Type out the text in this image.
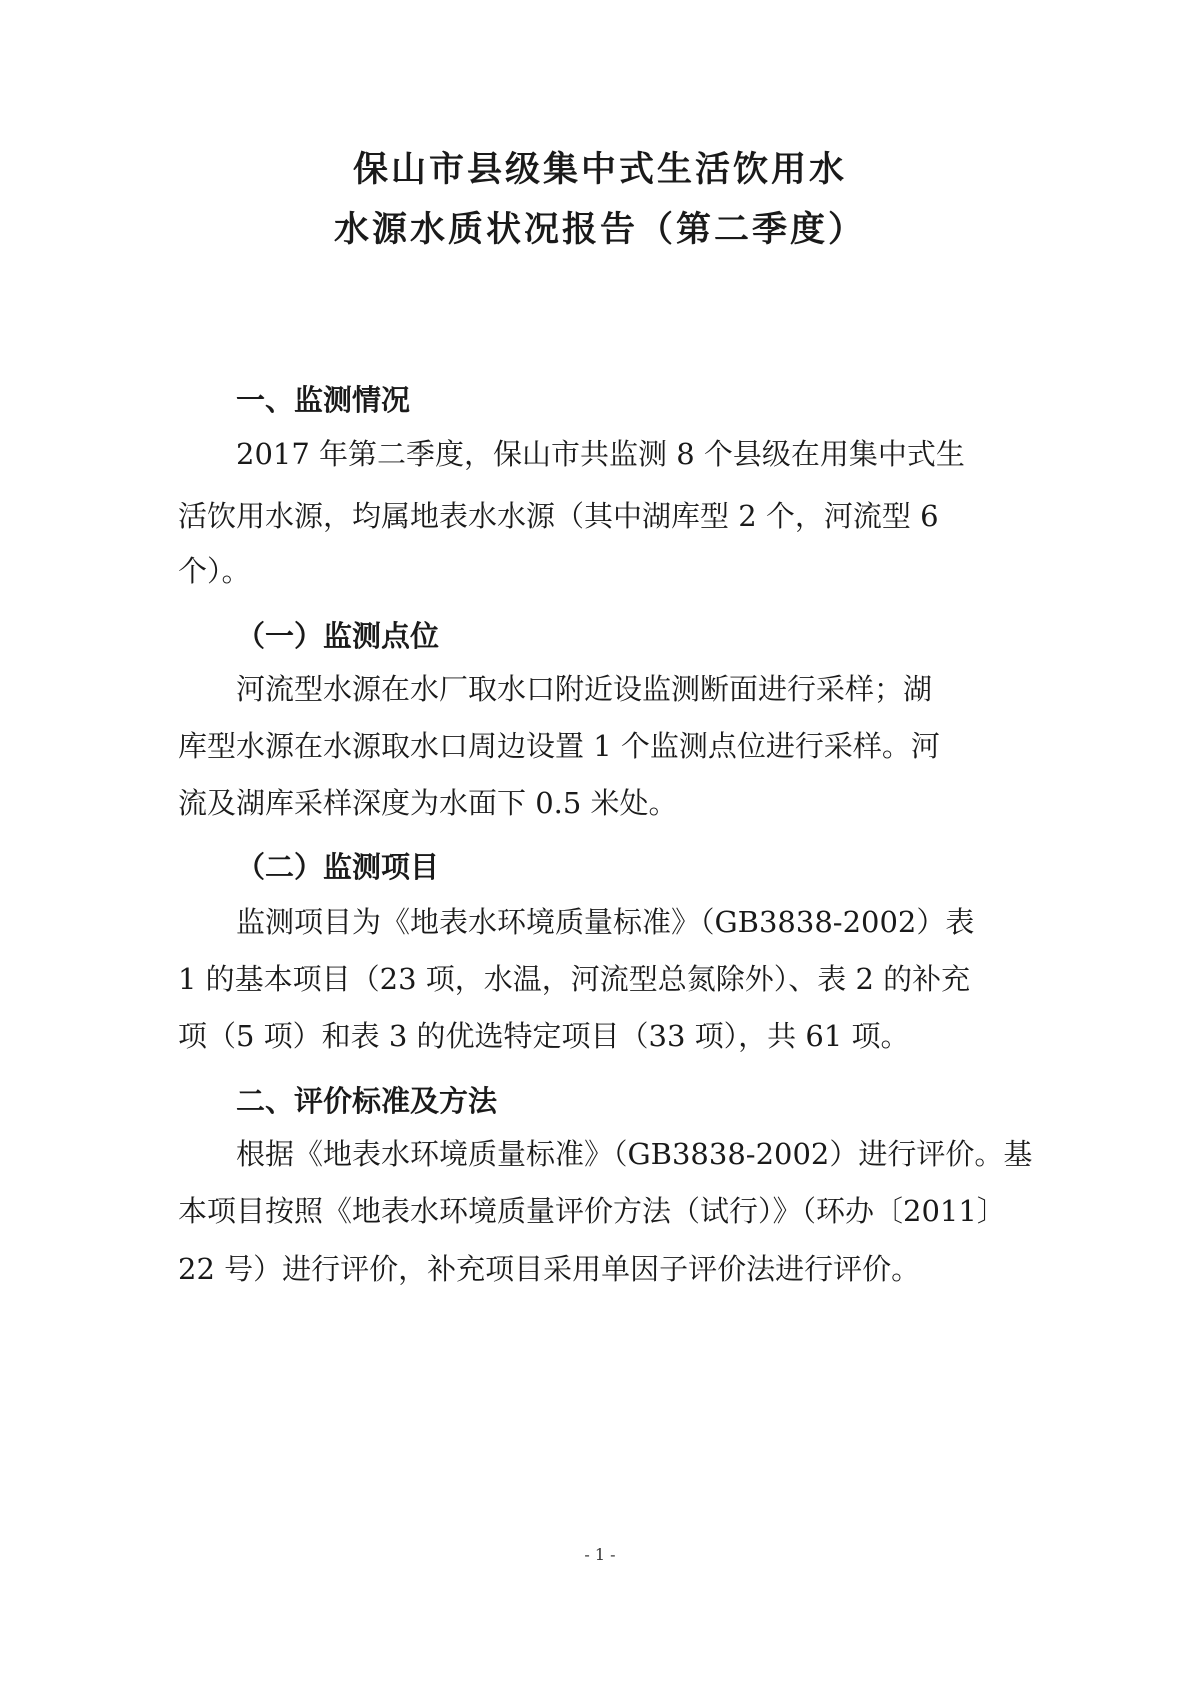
保山市县级集中式生活饮用水
水源水质状况报告（第二季度）
一、监测情况
2017 年第二季度，保山市共监测 8 个县级在用集中式生
活饮用水源，均属地表水水源（其中湖库型 2 个，河流型 6
个）。
（一）监测点位
河流型水源在水厂取水口附近设监测断面进行采样；湖
库型水源在水源取水口周边设置 1 个监测点位进行采样。河
流及湖库采样深度为水面下 0.5 米处。
（二）监测项目
监测项目为《地表水环境质量标准》（GB3838-2002）表
1 的基本项目（23 项，水温，河流型总氮除外）、表 2 的补充
项（5 项）和表 3 的优选特定项目（33 项），共 61 项。
二、评价标准及方法
根据《地表水环境质量标准》（GB3838-2002）进行评价。基
本项目按照《地表水环境质量评价方法（试行）》（环办〔2011〕
22 号）进行评价，补充项目采用单因子评价法进行评价。
- 1 -
